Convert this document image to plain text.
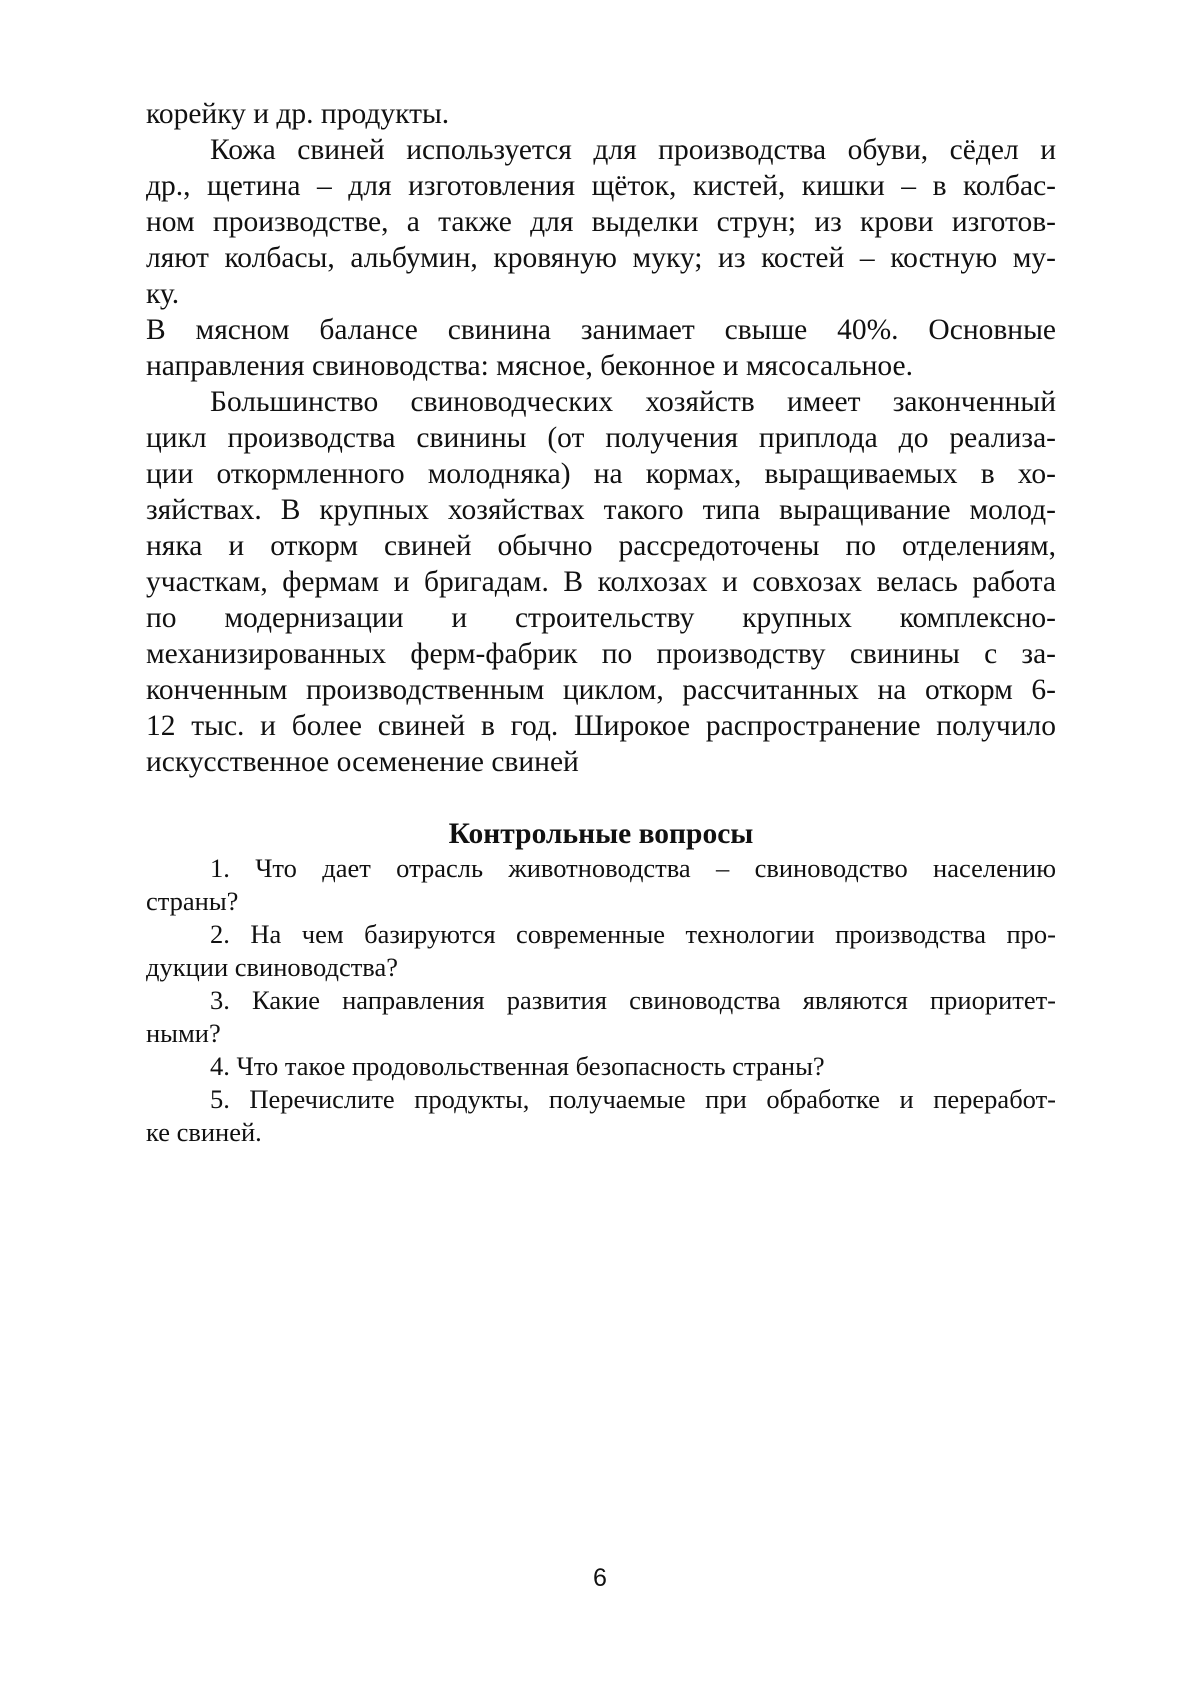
корейку и др. продукты.
Кожа свиней используется для производства обуви, сёдел и
др., щетина – для изготовления щёток, кистей, кишки – в колбас-
ном производстве, а также для выделки струн; из крови изготов-
ляют колбасы, альбумин, кровяную муку; из костей – костную му-
ку.
В мясном балансе свинина занимает свыше 40%. Основные
направления свиноводства: мясное, беконное и мясосальное.
Большинство свиноводческих хозяйств имеет законченный
цикл производства свинины (от получения приплода до реализа-
ции откормленного молодняка) на кормах, выращиваемых в хо-
зяйствах. В крупных хозяйствах такого типа выращивание молод-
няка и откорм свиней обычно рассредоточены по отделениям,
участкам, фермам и бригадам. В колхозах и совхозах велась работа
по модернизации и строительству крупных комплексно-
механизированных ферм-фабрик по производству свинины с за-
конченным производственным циклом, рассчитанных на откорм 6-
12 тыс. и более свиней в год. Широкое распространение получило
искусственное осеменение свиней
Контрольные вопросы
1. Что дает отрасль животноводства – свиноводство населению
страны?
2. На чем базируются современные технологии производства про-
дукции свиноводства?
3. Какие направления развития свиноводства являются приоритет-
ными?
4. Что такое продовольственная безопасность страны?
5. Перечислите продукты, получаемые при обработке и переработ-
ке свиней.
6
